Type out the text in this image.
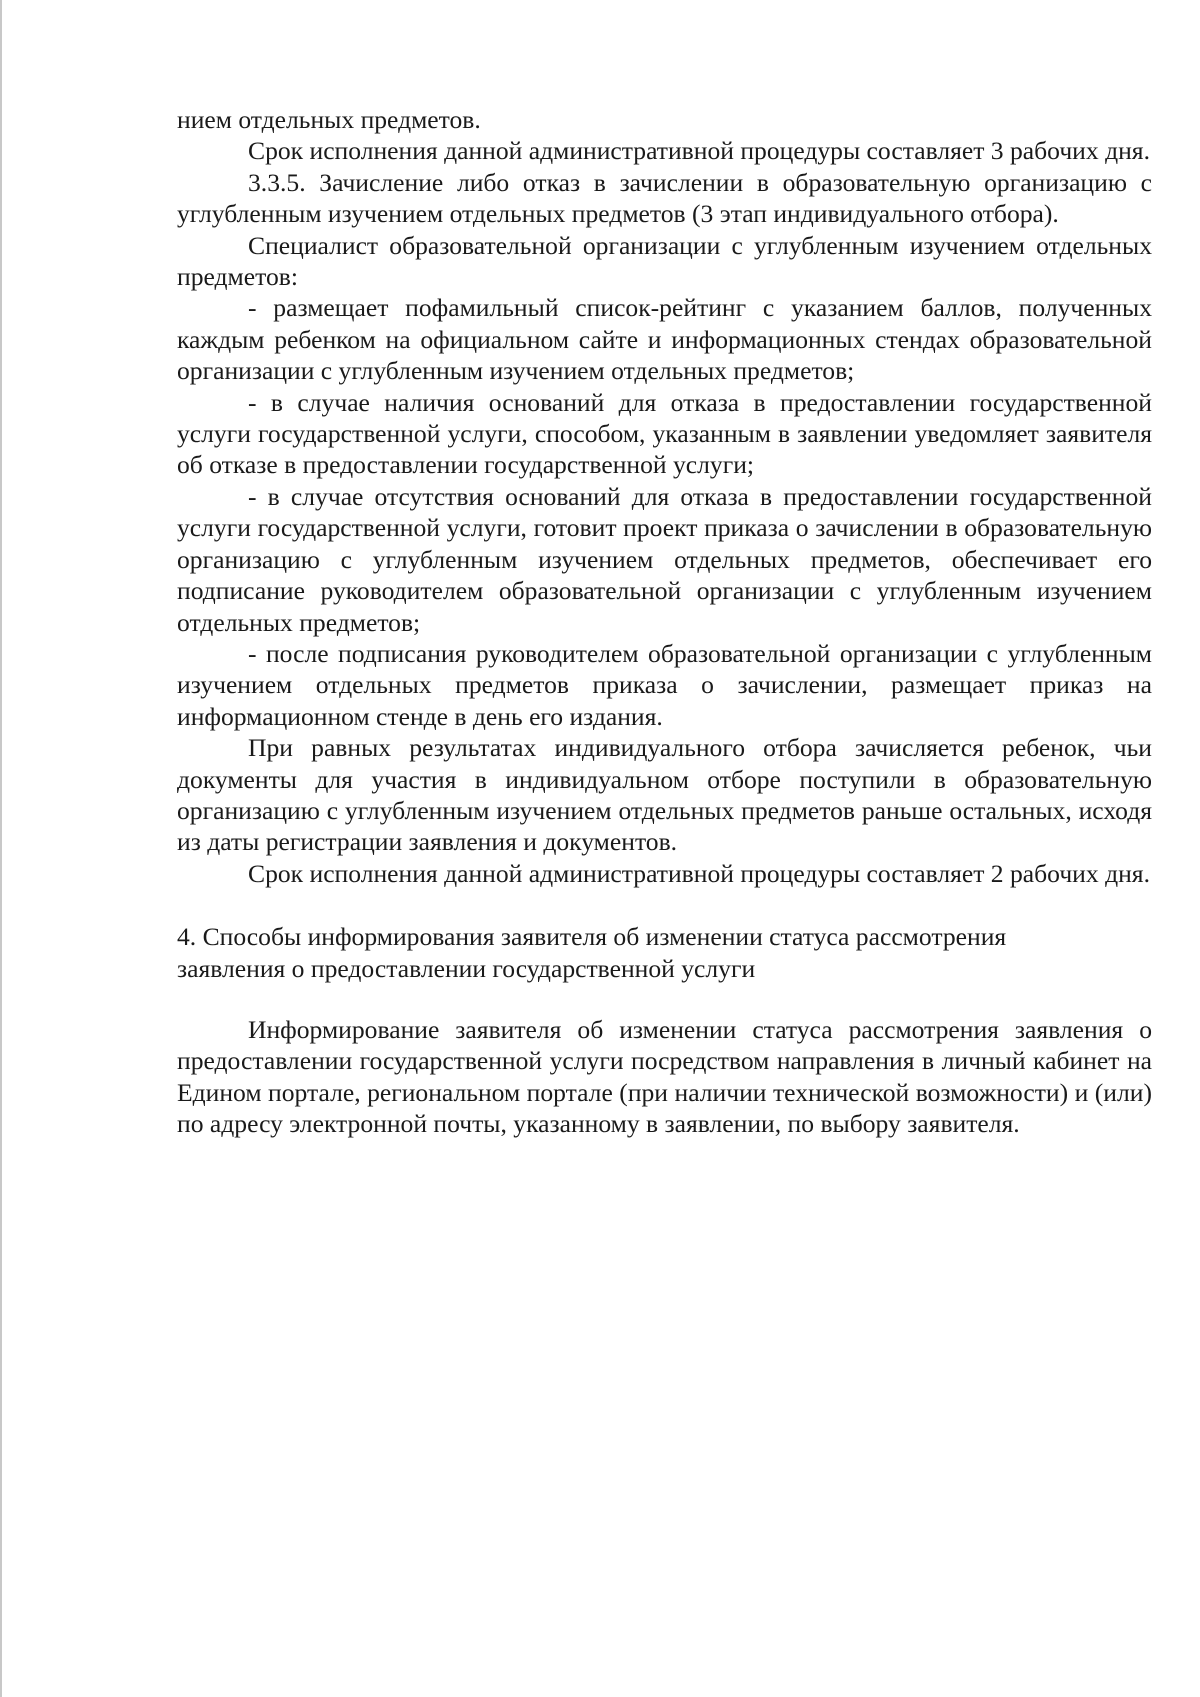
нием отдельных предметов.

Срок исполнения данной административной процедуры составляет 3 рабочих дня.

3.3.5. Зачисление либо отказ в зачислении в образовательную организацию с углубленным изучением отдельных предметов (3 этап индивидуального отбора).

Специалист образовательной организации с углубленным изучением отдельных предметов:

- размещает пофамильный список-рейтинг с указанием баллов, полученных каждым ребенком на официальном сайте и информационных стендах образовательной организации с углубленным изучением отдельных предметов;

- в случае наличия оснований для отказа в предоставлении государственной услуги государственной услуги, способом, указанным в заявлении уведомляет заявителя об отказе в предоставлении государственной услуги;

- в случае отсутствия оснований для отказа в предоставлении государственной услуги государственной услуги, готовит проект приказа о зачислении в образовательную организацию с углубленным изучением отдельных предметов, обеспечивает его подписание руководителем образовательной организации с углубленным изучением отдельных предметов;

- после подписания руководителем образовательной организации с углубленным изучением отдельных предметов приказа о зачислении, размещает приказ на информационном стенде в день его издания.

При равных результатах индивидуального отбора зачисляется ребенок, чьи документы для участия в индивидуальном отборе поступили в образовательную организацию с углубленным изучением отдельных предметов раньше остальных, исходя из даты регистрации заявления и документов.

Срок исполнения данной административной процедуры составляет 2 рабочих дня.

4. Способы информирования заявителя об изменении статуса рассмотрения
заявления о предоставлении государственной услуги

Информирование заявителя об изменении статуса рассмотрения заявления о предоставлении государственной услуги посредством направления в личный кабинет на Едином портале, региональном портале (при наличии технической возможности) и (или) по адресу электронной почты, указанному в заявлении, по выбору заявителя.
